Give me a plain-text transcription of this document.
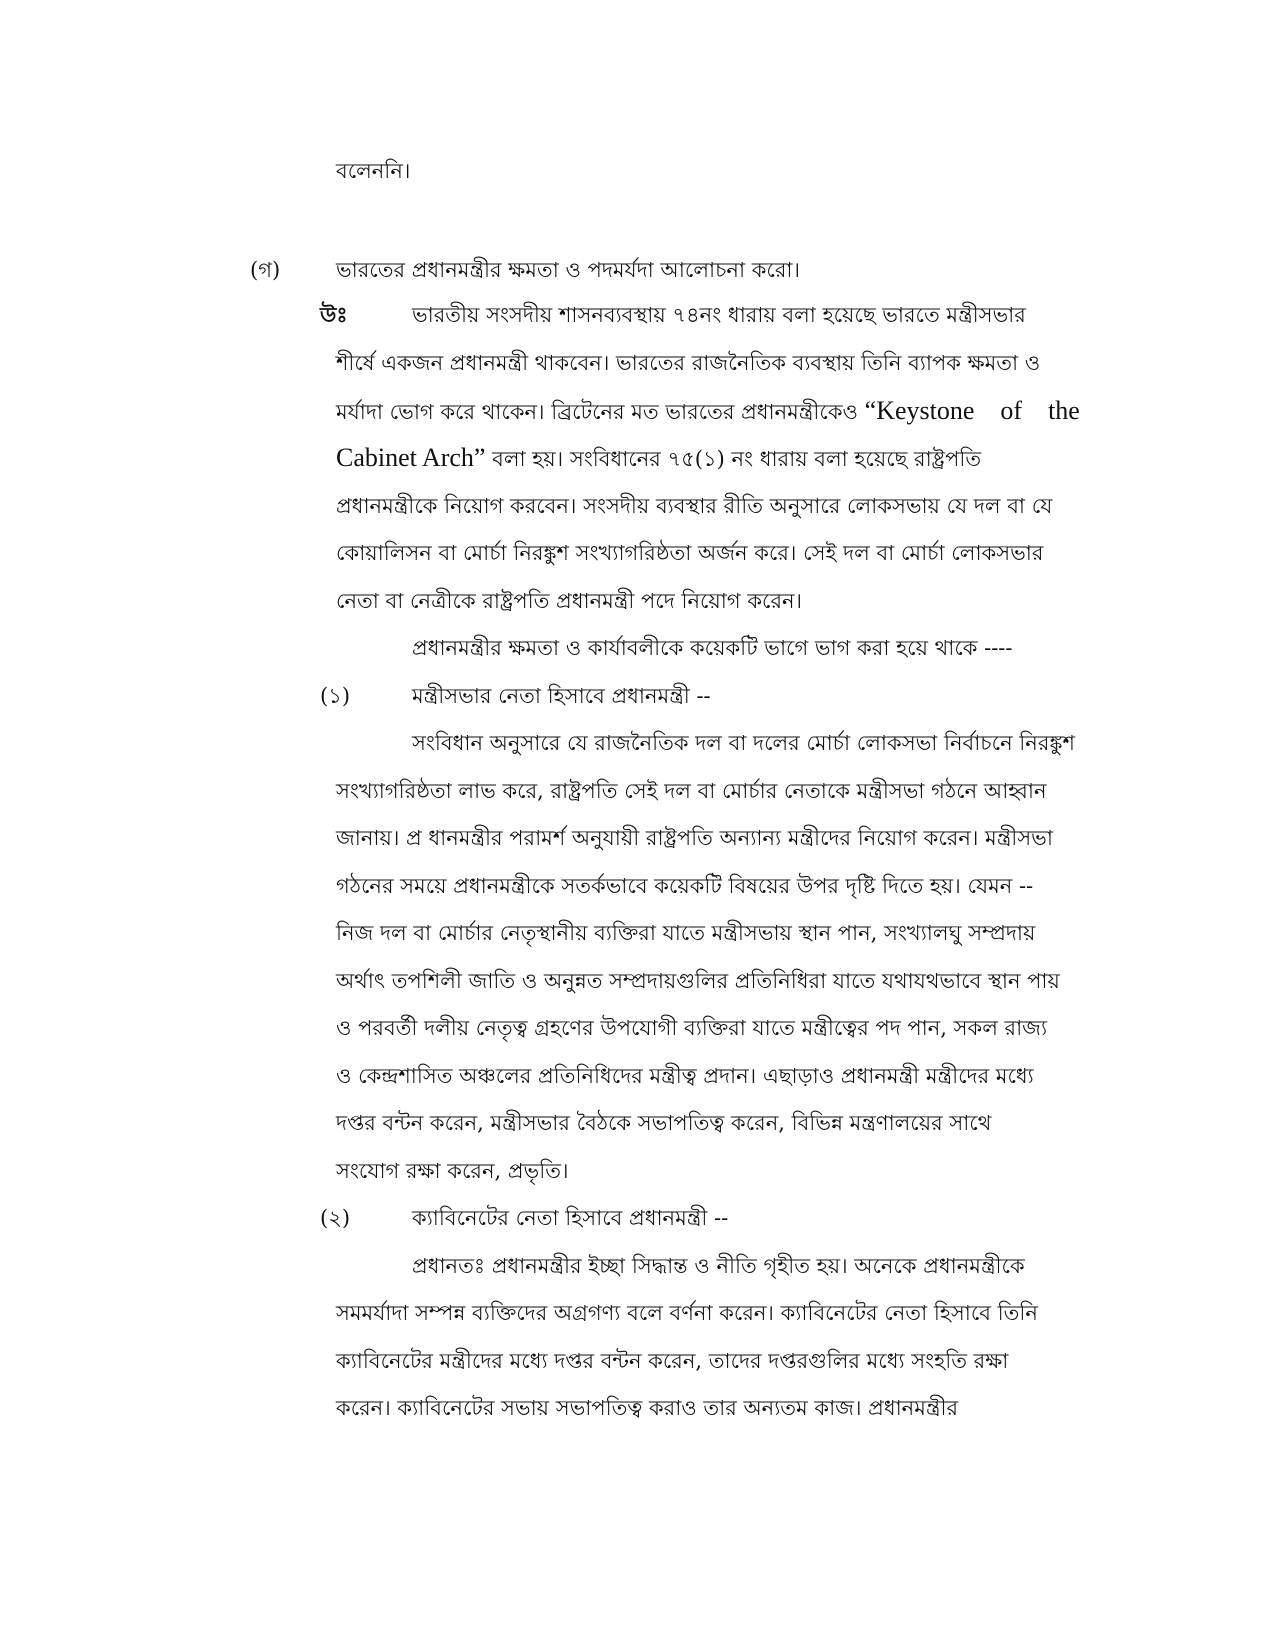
বলেননি।
(গ)	ভারতের প্রধানমন্ত্রীর ক্ষমতা ও পদমর্যদা আলোচনা করো।
উঃ	ভারতীয় সংসদীয় শাসনব্যবস্থায় ৭৪নং ধারায় বলা হয়েছে ভারতে মন্ত্রীসভার
শীর্ষে একজন প্রধানমন্ত্রী থাকবেন। ভারতের রাজনৈতিক ব্যবস্থায় তিনি ব্যাপক ক্ষমতা ও
মর্যাদা ভোগ করে থাকেন। ব্রিটেনের মত ভারতের প্রধানমন্ত্রীকেও “Keystone    of    the
Cabinet Arch” বলা হয়। সংবিধানের ৭৫(১) নং ধারায় বলা হয়েছে রাষ্ট্রপতি
প্রধানমন্ত্রীকে নিয়োগ করবেন। সংসদীয় ব্যবস্থার রীতি অনুসারে লোকসভায় যে দল বা যে
কোয়ালিসন বা মোর্চা নিরঙ্কুশ সংখ্যাগরিষ্ঠতা অর্জন করে। সেই দল বা মোর্চা লোকসভার
নেতা বা নেত্রীকে রাষ্ট্রপতি প্রধানমন্ত্রী পদে নিয়োগ করেন।
প্রধানমন্ত্রীর ক্ষমতা ও কার্যাবলীকে কয়েকটি ভাগে ভাগ করা হয়ে থাকে ----
(১)	মন্ত্রীসভার নেতা হিসাবে প্রধানমন্ত্রী --
সংবিধান অনুসারে যে রাজনৈতিক দল বা দলের মোর্চা লোকসভা নির্বাচনে নিরঙ্কুশ
সংখ্যাগরিষ্ঠতা লাভ করে, রাষ্ট্রপতি সেই দল বা মোর্চার নেতাকে মন্ত্রীসভা গঠনে আহ্বান
জানায়। প্র ধানমন্ত্রীর পরামর্শ অনুযায়ী রাষ্ট্রপতি অন্যান্য মন্ত্রীদের নিয়োগ করেন। মন্ত্রীসভা
গঠনের সময়ে প্রধানমন্ত্রীকে সতর্কভাবে কয়েকটি বিষয়ের উপর দৃষ্টি দিতে হয়। যেমন --
নিজ দল বা মোর্চার নেতৃস্থানীয় ব্যক্তিরা যাতে মন্ত্রীসভায় স্থান পান, সংখ্যালঘু সম্প্রদায়
অর্থাৎ তপশিলী জাতি ও অনুন্নত সম্প্রদায়গুলির প্রতিনিধিরা যাতে যথাযথভাবে স্থান পায়
ও পরবর্তী দলীয় নেতৃত্ব গ্রহণের উপযোগী ব্যক্তিরা যাতে মন্ত্রীত্বের পদ পান, সকল রাজ্য
ও কেন্দ্রশাসিত অঞ্চলের প্রতিনিধিদের মন্ত্রীত্ব প্রদান। এছাড়াও প্রধানমন্ত্রী মন্ত্রীদের মধ্যে
দপ্তর বন্টন করেন, মন্ত্রীসভার বৈঠকে সভাপতিত্ব করেন, বিভিন্ন মন্ত্রণালয়ের সাথে
সংযোগ রক্ষা করেন, প্রভৃতি।
(২)	ক্যাবিনেটের নেতা হিসাবে প্রধানমন্ত্রী --
প্রধানতঃ প্রধানমন্ত্রীর ইচ্ছা সিদ্ধান্ত ও নীতি গৃহীত হয়। অনেকে প্রধানমন্ত্রীকে
সমমর্যাদা সম্পন্ন ব্যক্তিদের অগ্রগণ্য বলে বর্ণনা করেন। ক্যাবিনেটের নেতা হিসাবে তিনি
ক্যাবিনেটের মন্ত্রীদের মধ্যে দপ্তর বন্টন করেন, তাদের দপ্তরগুলির মধ্যে সংহতি রক্ষা
করেন। ক্যাবিনেটের সভায় সভাপতিত্ব করাও তার অন্যতম কাজ। প্রধানমন্ত্রীর
